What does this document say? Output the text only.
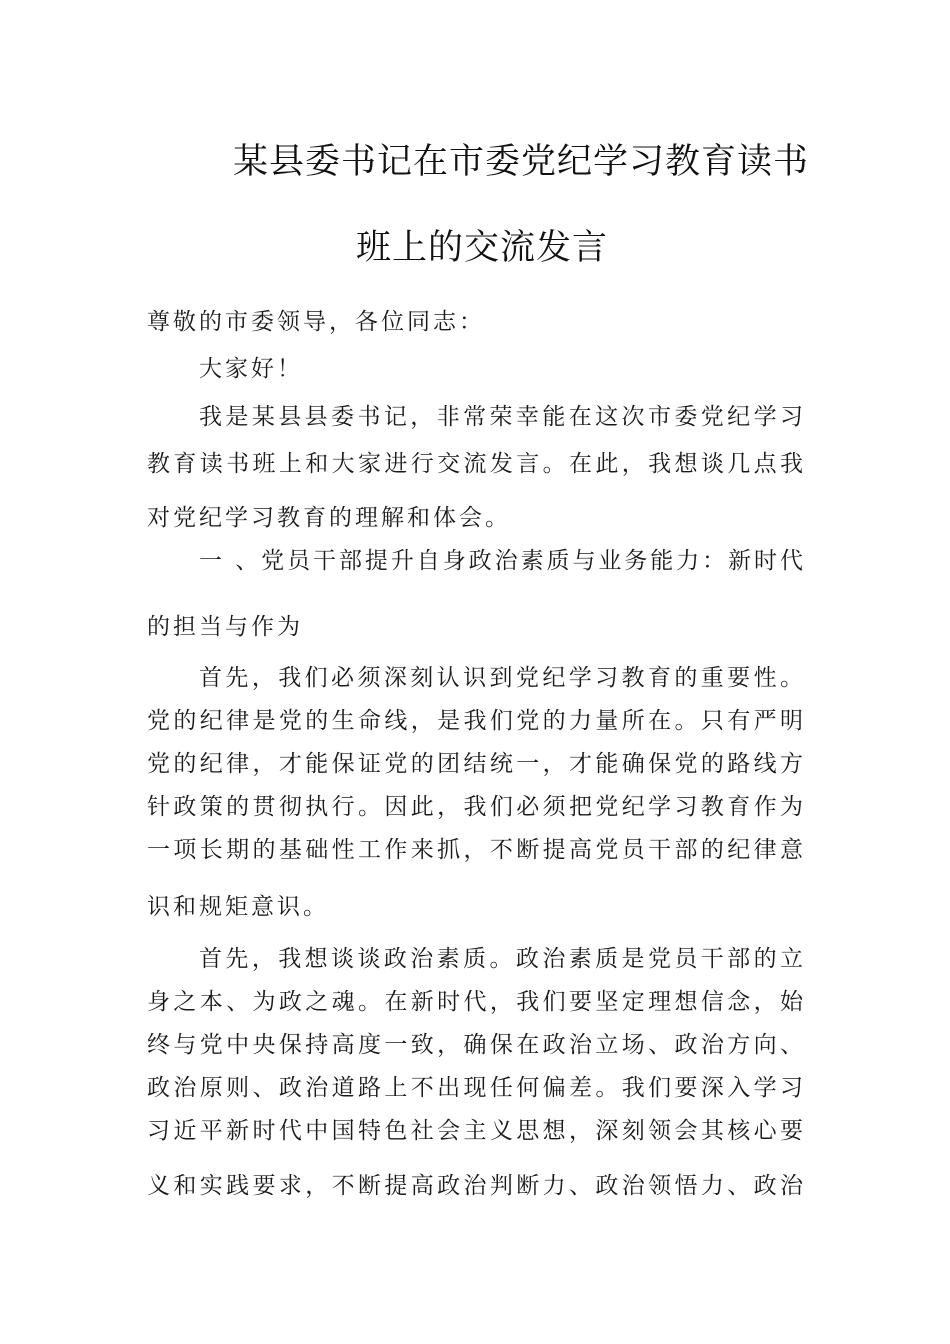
某县委书记在市委党纪学习教育读书
班上的交流发言
尊敬的市委领导，各位同志：
大家好！
我是某县县委书记，非常荣幸能在这次市委党纪学习
教育读书班上和大家进行交流发言。在此，我想谈几点我
对党纪学习教育的理解和体会。
一 、党员干部提升自身政治素质与业务能力：新时代
的担当与作为
首先，我们必须深刻认识到党纪学习教育的重要性。
党的纪律是党的生命线，是我们党的力量所在。只有严明
党的纪律，才能保证党的团结统一，才能确保党的路线方
针政策的贯彻执行。因此，我们必须把党纪学习教育作为
一项长期的基础性工作来抓，不断提高党员干部的纪律意
识和规矩意识。
首先，我想谈谈政治素质。政治素质是党员干部的立
身之本、为政之魂。在新时代，我们要坚定理想信念，始
终与党中央保持高度一致，确保在政治立场、政治方向、
政治原则、政治道路上不出现任何偏差。我们要深入学习
习近平新时代中国特色社会主义思想，深刻领会其核心要
义和实践要求，不断提高政治判断力、政治领悟力、政治
